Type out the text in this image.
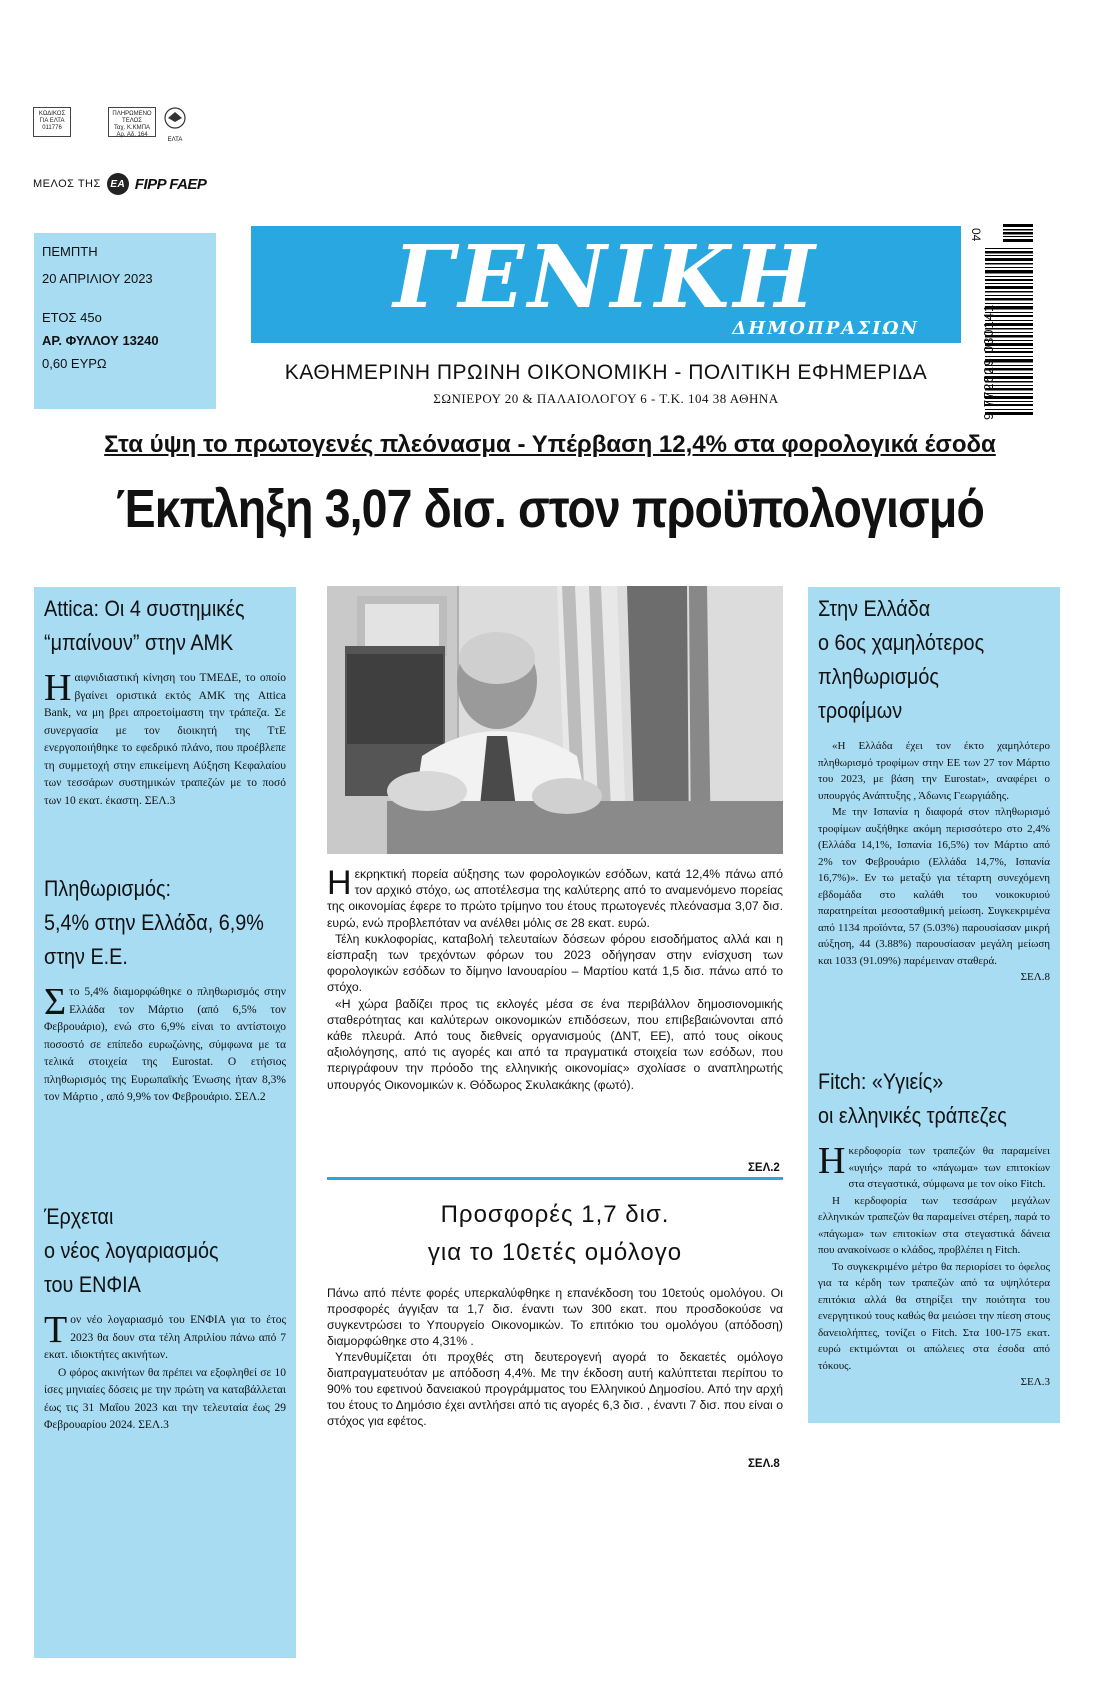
ΚΩΔΙΚΟΣ
ΓΙΑ ΕΛΤΑ
011776
ΠΛΗΡΩΜΕΝΟ
ΤΕΛΟΣ
Ταχ. Κ.ΚΜΠΑ
Αρ. Αδ. 164
ΕΛΤΑ
ΜΕΛΟΣ ΤΗΣ EA FIPP FAEP
ΠΕΜΠΤΗ
20 ΑΠΡΙΛΙΟΥ 2023
ΕΤΟΣ 45ο
ΑΡ. ΦΥΛΛΟΥ 13240
0,60 ΕΥΡΩ
ΓΕΝΙΚΗ
ΔΗΜΟΠΡΑΣΙΩΝ
ΚΑΘΗΜΕΡΙΝΗ ΠΡΩΙΝΗ ΟΙΚΟΝΟΜΙΚΗ - ΠΟΛΙΤΙΚΗ ΕΦΗΜΕΡΙΔΑ
ΣΩΝΙΕΡΟΥ 20 & ΠΑΛΑΙΟΛΟΓΟΥ 6 - Τ.Κ. 104 38 ΑΘΗΝΑ
04
9 772529 030141
Στα ύψη το πρωτογενές πλεόνασμα - Υπέρβαση 12,4% στα φορολογικά έσοδα
Έκπληξη 3,07 δισ. στον προϋπολογισμό
Attica: Οι 4 συστημικές
“μπαίνουν” στην ΑΜΚ

Η αιφνιδιαστική κίνηση του ΤΜΕΔΕ, το οποίο βγαίνει οριστικά εκτός ΑΜΚ της Attica Bank, να μη βρει απροετοίμαστη την τράπεζα. Σε συνεργασία με τον διοικητή της ΤτΕ ενεργοποιήθηκε το εφεδρικό πλάνο, που προέβλεπε τη συμμετοχή στην επικείμενη Αύξηση Κεφαλαίου των τεσσάρων συστημικών τραπεζών με το ποσό των 10 εκατ. έκαστη. ΣΕΛ.3

Πληθωρισμός:
5,4% στην Ελλάδα, 6,9%
στην Ε.Ε.

Στο 5,4% διαμορφώθηκε ο πληθωρισμός στην Ελλάδα τον Μάρτιο (από 6,5% τον Φεβρουάριο), ενώ στο 6,9% είναι το αντίστοιχο ποσοστό σε επίπεδο ευρωζώνης, σύμφωνα με τα τελικά στοιχεία της Eurostat. Ο ετήσιος πληθωρισμός της Ευρωπαϊκής Ένωσης ήταν 8,3% τον Μάρτιο , από 9,9% τον Φεβρουάριο. ΣΕΛ.2

Έρχεται
ο νέος λογαριασμός
του ΕΝΦΙΑ

Τον νέο λογαριασμό του ΕΝΦΙΑ για το έτος 2023 θα δουν στα τέλη Απριλίου πάνω από 7 εκατ. ιδιοκτήτες ακινήτων.

Ο φόρος ακινήτων θα πρέπει να εξοφληθεί σε 10 ίσες μηνιαίες δόσεις με την πρώτη να καταβάλλεται έως τις 31 Μαΐου 2023 και την τελευταία έως 29 Φεβρουαρίου 2024. ΣΕΛ.3

Η εκρηκτική πορεία αύξησης των φορολογικών εσόδων, κατά 12,4% πάνω από τον αρχικό στόχο, ως αποτέλεσμα της καλύτερης από το αναμενόμενο πορείας της οικονομίας έφερε το πρώτο τρίμηνο του έτους πρωτογενές πλεόνασμα 3,07 δισ. ευρώ, ενώ προβλεπόταν να ανέλθει μόλις σε 28 εκατ. ευρώ.

Τέλη κυκλοφορίας, καταβολή τελευταίων δόσεων φόρου εισοδήματος αλλά και η είσπραξη των τρεχόντων φόρων του 2023 οδήγησαν στην ενίσχυση των φορολογικών εσόδων το δίμηνο Ιανουαρίου – Μαρτίου κατά 1,5 δισ. πάνω από το στόχο.

«Η χώρα βαδίζει προς τις εκλογές μέσα σε ένα περιβάλλον δημοσιονομικής σταθερότητας και καλύτερων οικονομικών επιδόσεων, που επιβεβαιώνονται από κάθε πλευρά. Από τους διεθνείς οργανισμούς (ΔΝΤ, ΕΕ), από τους οίκους αξιολόγησης, από τις αγορές και από τα πραγματικά στοιχεία των εσόδων, που περιγράφουν την πρόοδο της ελληνικής οικονομίας» σχολίασε ο αναπληρωτής υπουργός Οικονομικών κ. Θόδωρος Σκυλακάκης (φωτό).

ΣΕΛ.2
Προσφορές 1,7 δισ.
για το 10ετές ομόλογο

Πάνω από πέντε φορές υπερκαλύφθηκε η επανέκδοση του 10ετούς ομολόγου. Οι προσφορές άγγιξαν τα 1,7 δισ. έναντι των 300 εκατ. που προσδοκούσε να συγκεντρώσει το Υπουργείο Οικονομικών. Το επιτόκιο του ομολόγου (απόδοση) διαμορφώθηκε στο 4,31% .

Υπενθυμίζεται ότι προχθές στη δευτερογενή αγορά το δεκαετές ομόλογο διαπραγματευόταν με απόδοση 4,4%. Με την έκδοση αυτή καλύπτεται περίπου το 90% του εφετινού δανειακού προγράμματος του Ελληνικού Δημοσίου. Από την αρχή του έτους το Δημόσιο έχει αντλήσει από τις αγορές 6,3 δισ. , έναντι 7 δισ. που είναι ο στόχος για εφέτος.

ΣΕΛ.8
Στην Ελλάδα
ο 6ος χαμηλότερος
πληθωρισμός
τροφίμων

«Η Ελλάδα έχει τον έκτο χαμηλότερο πληθωρισμό τροφίμων στην ΕΕ των 27 τον Μάρτιο του 2023, με βάση την Eurostat», αναφέρει ο υπουργός Ανάπτυξης , Άδωνις Γεωργιάδης.

Με την Ισπανία η διαφορά στον πληθωρισμό τροφίμων αυξήθηκε ακόμη περισσότερο στο 2,4% (Ελλάδα 14,1%, Ισπανία 16,5%) τον Μάρτιο από 2% τον Φεβρουάριο (Ελλάδα 14,7%, Ισπανία 16,7%)». Εν τω μεταξύ για τέταρτη συνεχόμενη εβδομάδα στο καλάθι του νοικοκυριού παρατηρείται μεσοσταθμική μείωση. Συγκεκριμένα από 1134 προϊόντα, 57 (5.03%) παρουσίασαν μικρή αύξηση, 44 (3.88%) παρουσίασαν μεγάλη μείωση και 1033 (91.09%) παρέμειναν σταθερά.

ΣΕΛ.8

Fitch: «Υγιείς»
οι ελληνικές τράπεζες

Η κερδοφορία των τραπεζών θα παραμείνει «υγιής» παρά το «πάγωμα» των επιτοκίων στα στεγαστικά, σύμφωνα με τον οίκο Fitch.

Η κερδοφορία των τεσσάρων μεγάλων ελληνικών τραπεζών θα παραμείνει στέρεη, παρά το «πάγωμα» των επιτοκίων στα στεγαστικά δάνεια που ανακοίνωσε ο κλάδος, προβλέπει η Fitch.

Το συγκεκριμένο μέτρο θα περιορίσει το όφελος για τα κέρδη των τραπεζών από τα υψηλότερα επιτόκια αλλά θα στηρίξει την ποιότητα του ενεργητικού τους καθώς θα μειώσει την πίεση στους δανειολήπτες, τονίζει ο Fitch. Στα 100-175 εκατ. ευρώ εκτιμώνται οι απώλειες στα έσοδα από τόκους.

ΣΕΛ.3
